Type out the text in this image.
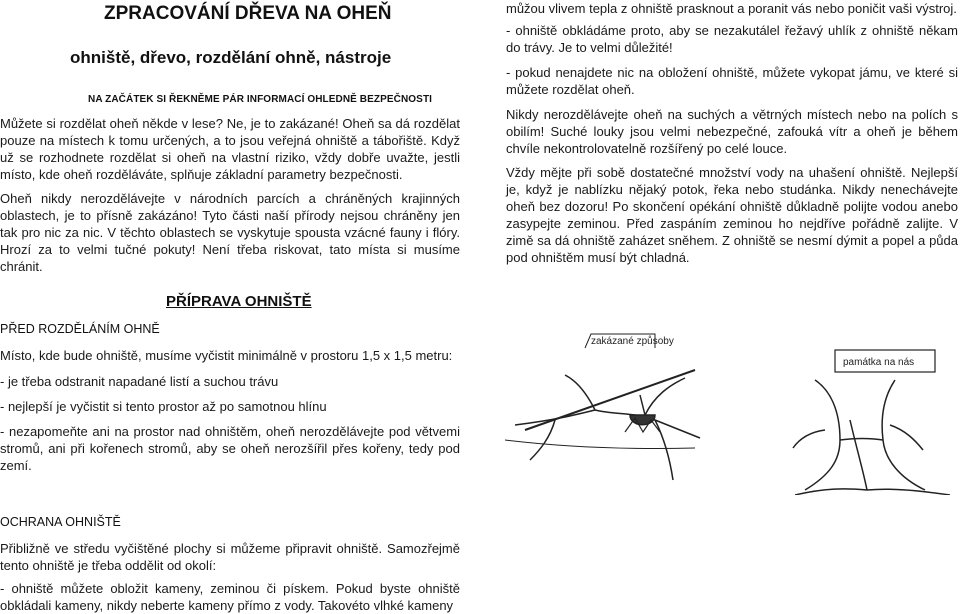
ZPRACOVÁNÍ DŘEVA NA OHEŇ
ohniště, dřevo, rozdělání ohně, nástroje
NA ZAČÁTEK SI ŘEKNĚME PÁR INFORMACÍ OHLEDNĚ BEZPEČNOSTI
Můžete si rozdělat oheň někde v lese? Ne, je to zakázané! Oheň sa dá rozdělat pouze na místech k tomu určených, a to jsou veřejná ohniště a tábořiště. Když už se rozhodnete rozdělat si oheň na vlastní riziko, vždy dobře uvažte, jestli místo, kde oheň rozděláváte, splňuje základní parametry bezpečnosti.
Oheň nikdy nerozdělávejte v národních parcích a chráněných krajinných oblastech, je to přísně zakázáno! Tyto části naší přírody nejsou chráněny jen tak pro nic za nic. V těchto oblastech se vyskytuje spousta vzácné fauny i flóry. Hrozí za to velmi tučné pokuty! Není třeba riskovat, tato místa si musíme chránit.
můžou vlivem tepla z ohniště prasknout a poranit vás nebo poničit vaši výstroj.
- ohniště obkládáme proto, aby se nezakutálel řežavý uhlík z ohniště někam do trávy. Je to velmi důležité!
- pokud nenajdete nic na obložení ohniště, můžete vykopat jámu, ve které si můžete rozdělat oheň.
Nikdy nerozdělávejte oheň na suchých a větrných místech nebo na polích s obilím! Suché louky jsou velmi nebezpečné, zafouká vítr a oheň je během chvíle nekontrolovatelně rozšířený po celé louce.
Vždy mějte při sobě dostatečné množství vody na uhašení ohniště. Nejlepší je, když je nablízku nějaký potok, řeka nebo studánka. Nikdy nenechávejte oheň bez dozoru! Po skončení opékání ohniště důkladně polijte vodou anebo zasypejte zeminou. Před zaspáním zeminou ho nejdříve pořádně zalijte. V zimě sa dá ohniště zaházet sněhem. Z ohniště se nesmí dýmit a popel a půda pod ohništěm musí být chladná.
PŘÍPRAVA OHNIŠTĚ
PŘED ROZDĚLÁNÍM OHNĚ
Místo, kde bude ohniště, musíme vyčistit minimálně v prostoru 1,5 x 1,5 metru:
- je třeba odstranit napadané listí a suchou trávu
- nejlepší je vyčistit si tento prostor až po samotnou hlínu
- nezapomeňte ani na prostor nad ohništěm, oheň nerozdělávejte pod větvemi stromů, ani při kořenech stromů, aby se oheň nerozšířil přes kořeny, tedy pod zemí.
OCHRANA OHNIŠTĚ
Přibližně ve středu vyčištěné plochy si můžeme připravit ohniště. Samozřejmě tento ohniště je třeba oddělit od okolí:
- ohniště můžete obložit kameny, zeminou či pískem. Pokud byste ohniště obkládali kameny, nikdy neberte kameny přímo z vody. Takovéto vlhké kameny
zakázané způsoby
památka na nás
